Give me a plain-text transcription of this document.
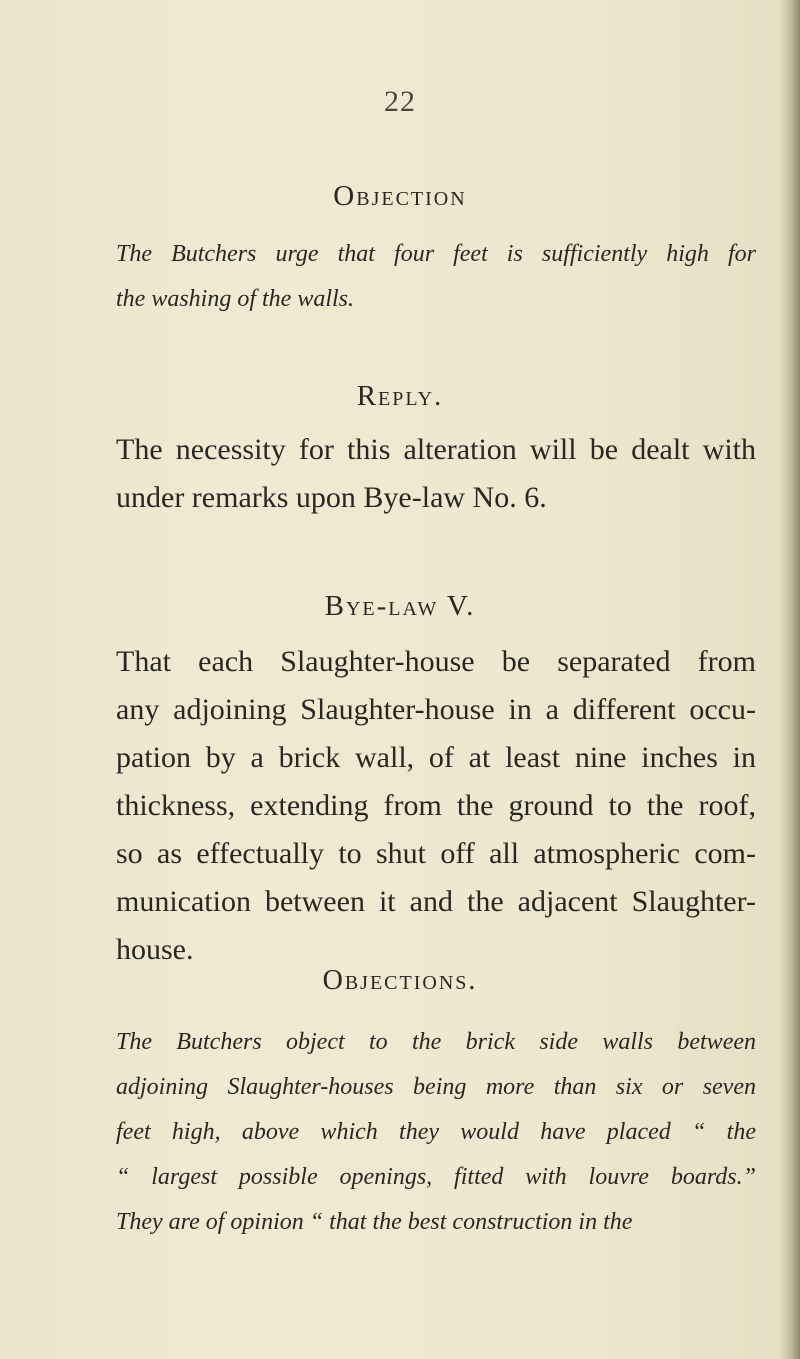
22
Objection
The Butchers urge that four feet is sufficiently high for
the washing of the walls.
Reply.
The necessity for this alteration will be dealt with
under remarks upon Bye-law No. 6.
Bye-law V.
That each Slaughter-house be separated from
any adjoining Slaughter-house in a different occu-
pation by a brick wall, of at least nine inches in
thickness, extending from the ground to the roof,
so as effectually to shut off all atmospheric com-
munication between it and the adjacent Slaughter-
house.
Objections.
The Butchers object to the brick side walls between
adjoining Slaughter-houses being more than six or seven
feet high, above which they would have placed “ the
“ largest possible openings, fitted with louvre boards.”
They are of opinion “ that the best construction in the
